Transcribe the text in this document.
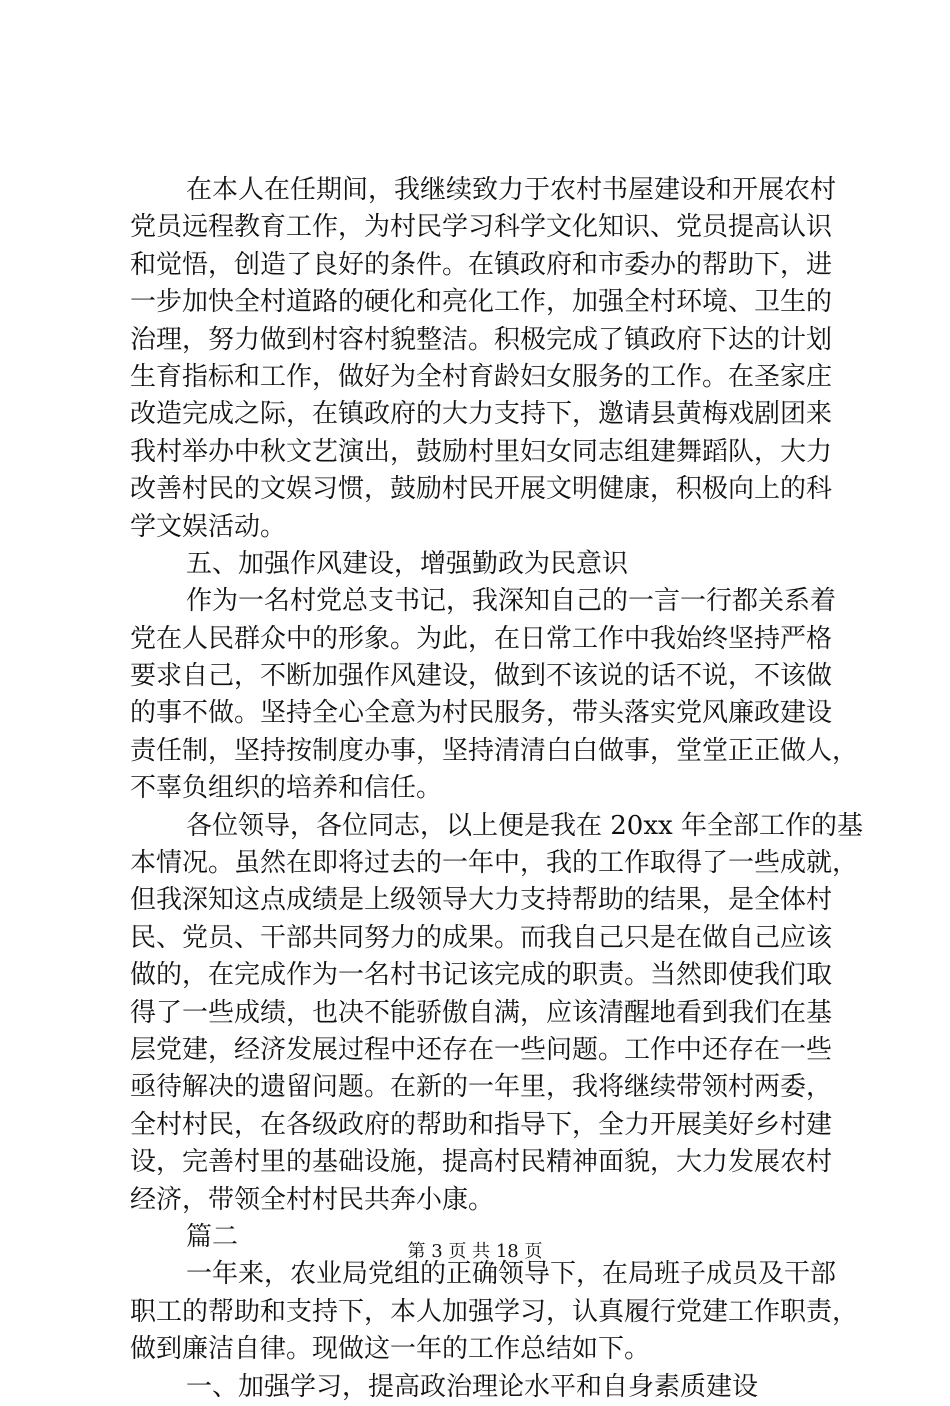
在本人在任期间，我继续致力于农村书屋建设和开展农村
党员远程教育工作，为村民学习科学文化知识、党员提高认识
和觉悟，创造了良好的条件。在镇政府和市委办的帮助下，进
一步加快全村道路的硬化和亮化工作，加强全村环境、卫生的
治理，努力做到村容村貌整洁。积极完成了镇政府下达的计划
生育指标和工作，做好为全村育龄妇女服务的工作。在圣家庄
改造完成之际，在镇政府的大力支持下，邀请县黄梅戏剧团来
我村举办中秋文艺演出，鼓励村里妇女同志组建舞蹈队，大力
改善村民的文娱习惯，鼓励村民开展文明健康，积极向上的科
学文娱活动。
五、加强作风建设，增强勤政为民意识
作为一名村党总支书记，我深知自己的一言一行都关系着
党在人民群众中的形象。为此，在日常工作中我始终坚持严格
要求自己，不断加强作风建设，做到不该说的话不说，不该做
的事不做。坚持全心全意为村民服务，带头落实党风廉政建设
责任制，坚持按制度办事，坚持清清白白做事，堂堂正正做人，
不辜负组织的培养和信任。
各位领导，各位同志，以上便是我在 20xx 年全部工作的基
本情况。虽然在即将过去的一年中，我的工作取得了一些成就，
但我深知这点成绩是上级领导大力支持帮助的结果，是全体村
民、党员、干部共同努力的成果。而我自己只是在做自己应该
做的，在完成作为一名村书记该完成的职责。当然即使我们取
得了一些成绩，也决不能骄傲自满，应该清醒地看到我们在基
层党建，经济发展过程中还存在一些问题。工作中还存在一些
亟待解决的遗留问题。在新的一年里，我将继续带领村两委，
全村村民，在各级政府的帮助和指导下，全力开展美好乡村建
设，完善村里的基础设施，提高村民精神面貌，大力发展农村
经济，带领全村村民共奔小康。
篇二
一年来，农业局党组的正确领导下，在局班子成员及干部
职工的帮助和支持下，本人加强学习，认真履行党建工作职责，
做到廉洁自律。现做这一年的工作总结如下。
一、加强学习，提高政治理论水平和自身素质建设
第 3 页 共 18 页
